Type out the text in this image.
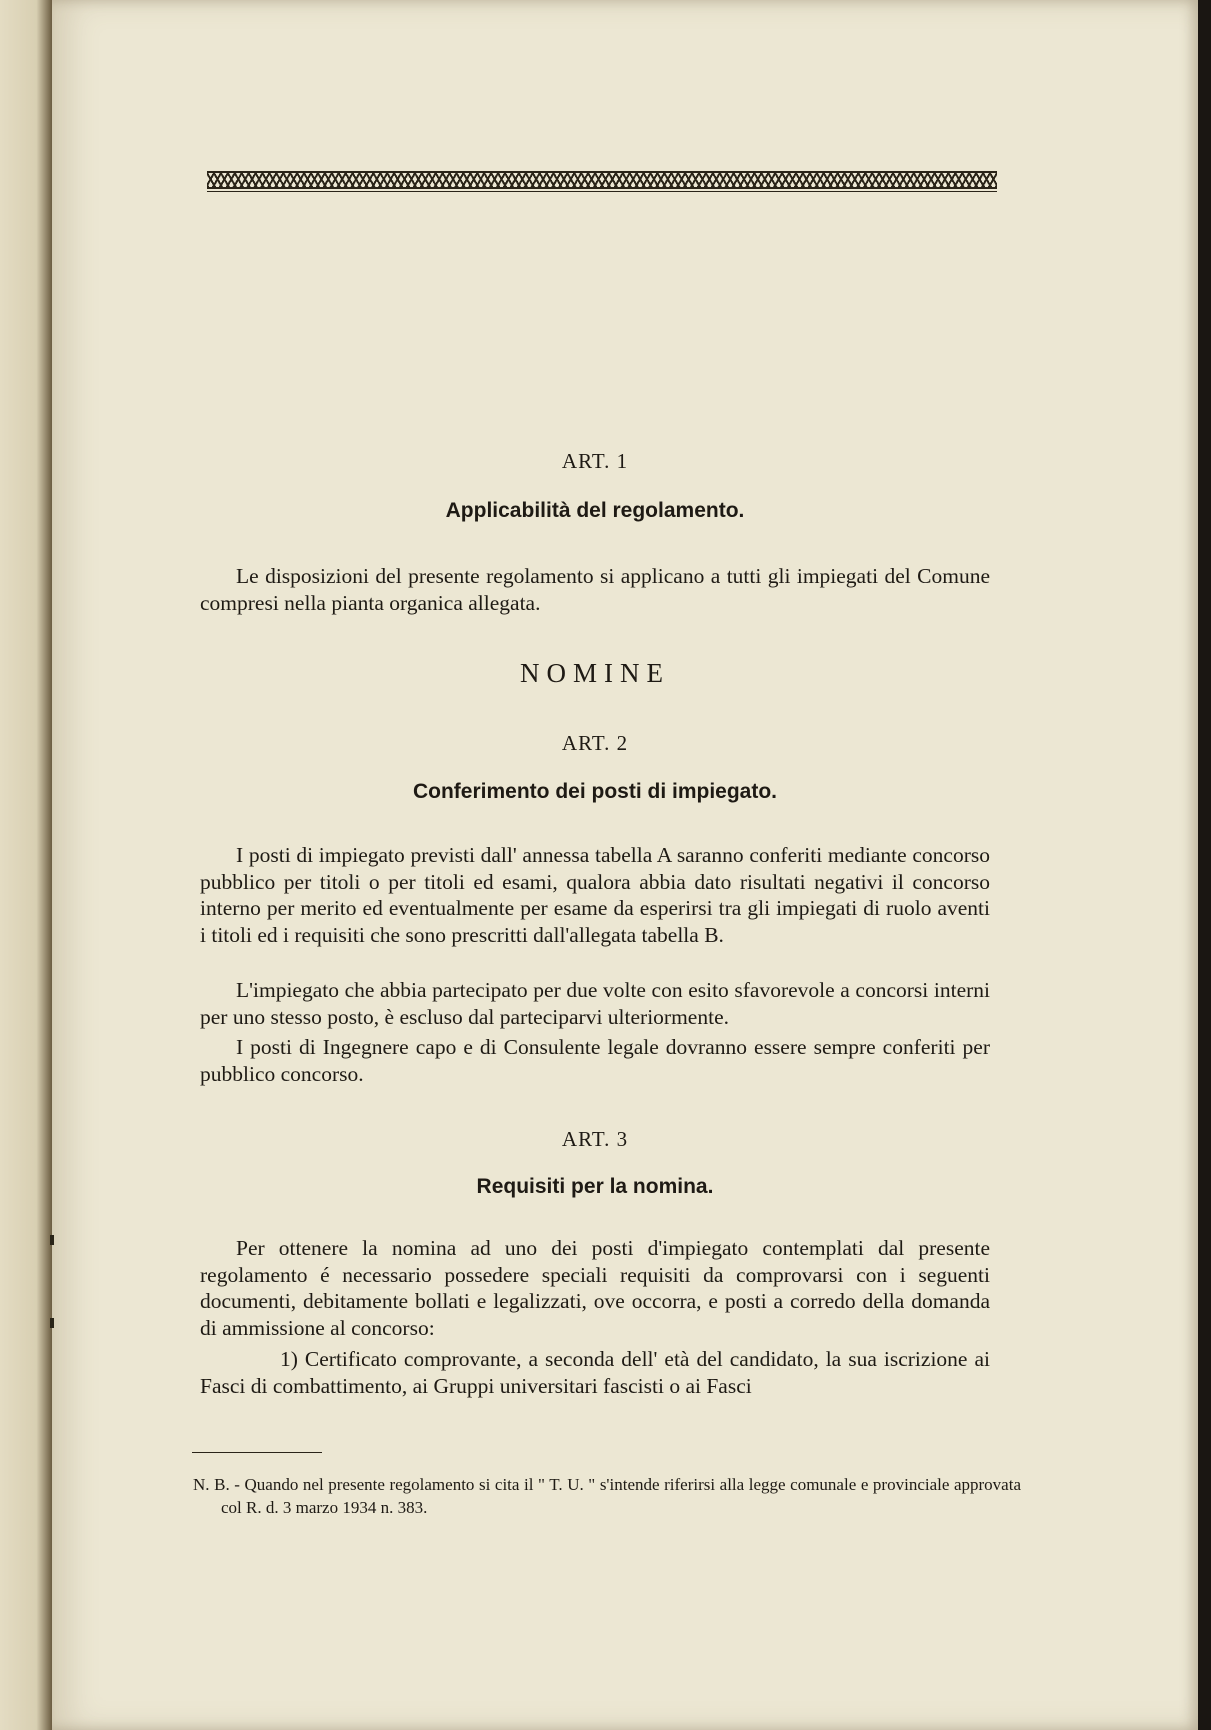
ART. 1
Applicabilità del regolamento.

Le disposizioni del presente regolamento si applicano a tutti gli impiegati del Comune compresi nella pianta organica allegata.

NOMINE
ART. 2
Conferimento dei posti di impiegato.

I posti di impiegato previsti dall' annessa tabella A saranno conferiti mediante concorso pubblico per titoli o per titoli ed esami, qualora abbia dato risultati negativi il concorso interno per merito ed eventualmente per esame da esperirsi tra gli impiegati di ruolo aventi i titoli ed i requisiti che sono prescritti dall'allegata tabella B.

L'impiegato che abbia partecipato per due volte con esito sfavorevole a concorsi interni per uno stesso posto, è escluso dal parteciparvi ulteriormente.

I posti di Ingegnere capo e di Consulente legale dovranno essere sempre conferiti per pubblico concorso.

ART. 3
Requisiti per la nomina.

Per ottenere la nomina ad uno dei posti d'impiegato contemplati dal presente regolamento é necessario possedere speciali requisiti da comprovarsi con i seguenti documenti, debitamente bollati e legalizzati, ove occorra, e posti a corredo della domanda di ammissione al concorso:

1) Certificato comprovante, a seconda dell' età del candidato, la sua iscrizione ai Fasci di combattimento, ai Gruppi universitari fascisti o ai Fasci

N. B. - Quando nel presente regolamento si cita il " T. U. " s'intende riferirsi alla legge comunale e provinciale approvata col R. d. 3 marzo 1934 n. 383.
